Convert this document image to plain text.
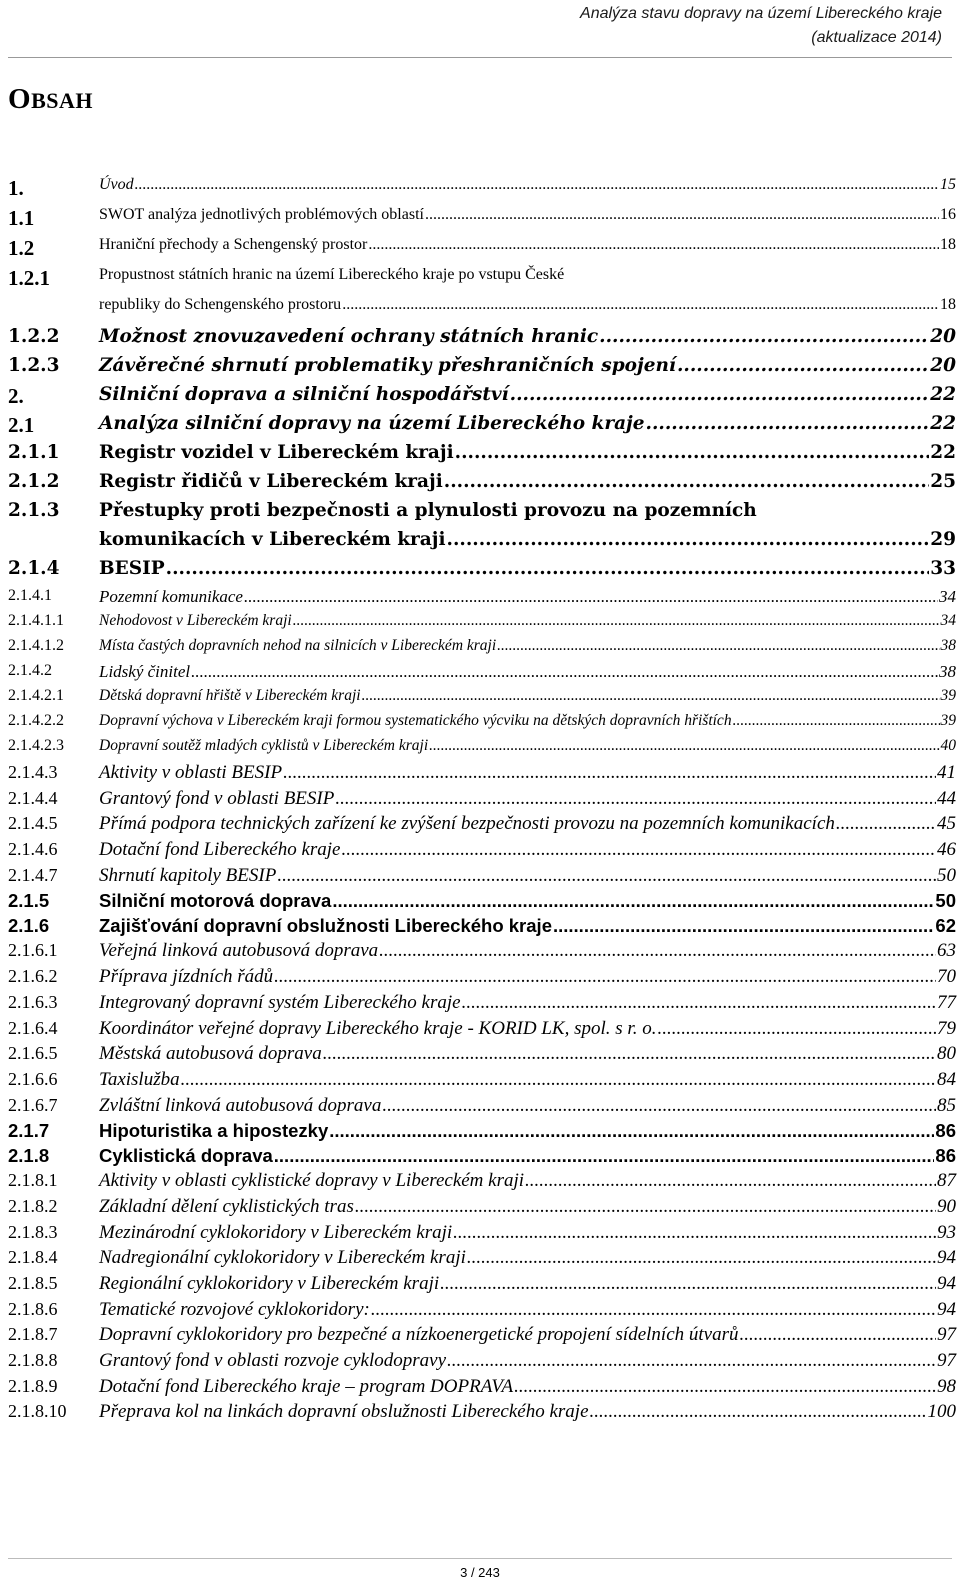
Analýza stavu dopravy na území Libereckého kraje
(aktualizace 2014)
OBSAH
1.	Úvod .....	15
1.1	SWOT analýza jednotlivých problémových oblastí .....	16
1.2	Hraniční přechody a Schengenský prostor .....	18
1.2.1	Propustnost státních hranic na území Libereckého kraje po vstupu České
republiky do Schengenského prostoru .....	18
1.2.2 Možnost znovuzavedení ochrany státních hranic .....	20
1.2.3 Závěrečné shrnutí problematiky přeshraničních spojení .....	20
2.	Silniční doprava a silniční hospodářství .....	22
2.1	Analýza silniční dopravy na území Libereckého kraje .....	22
2.1.1 Registr vozidel v Libereckém kraji .....	22
2.1.2 Registr řidičů v Libereckém kraji .....	25
2.1.3 Přestupky proti bezpečnosti a plynulosti provozu na pozemních
komunikacích v Libereckém kraji .....	29
2.1.4 BESIP .....	33
2.1.4.1	Pozemní komunikace .....	34
2.1.4.1.1 Nehodovost v Libereckém kraji .....	34
2.1.4.1.2 Místa častých dopravních nehod na silnicích v Libereckém kraji .....	38
2.1.4.2	Lidský činitel .....	38
2.1.4.2.1 Dětská dopravní hřiště v Libereckém kraji .....	39
2.1.4.2.2 Dopravní výchova v Libereckém kraji formou systematického výcviku na dětských dopravních hřištích .....	39
2.1.4.2.3 Dopravní soutěž mladých cyklistů v Libereckém kraji .....	40
2.1.4.3 Aktivity v oblasti BESIP .....	41
2.1.4.4 Grantový fond v oblasti BESIP .....	44
2.1.4.5 Přímá podpora technických zařízení ke zvýšení bezpečnosti provozu na pozemních komunikacích .....	45
2.1.4.6 Dotační fond Libereckého kraje .....	46
2.1.4.7 Shrnutí kapitoly BESIP .....	50
2.1.5	Silniční motorová doprava .....	50
2.1.6	Zajišťování dopravní obslužnosti Libereckého kraje .....	62
2.1.6.1 Veřejná linková autobusová doprava .....	63
2.1.6.2 Příprava jízdních řádů .....	70
2.1.6.3 Integrovaný dopravní systém Libereckého kraje .....	77
2.1.6.4 Koordinátor veřejné dopravy Libereckého kraje - KORID LK, spol. s r. o. .....	79
2.1.6.5 Městská autobusová doprava .....	80
2.1.6.6 Taxislužba .....	84
2.1.6.7 Zvláštní linková autobusová doprava .....	85
2.1.7	Hipoturistika a hipostezky .....	86
2.1.8	Cyklistická doprava .....	86
2.1.8.1 Aktivity v oblasti cyklistické dopravy v Libereckém kraji .....	87
2.1.8.2 Základní dělení cyklistických tras .....	90
2.1.8.3 Mezinárodní cyklokoridory v Libereckém kraji .....	93
2.1.8.4 Nadregionální cyklokoridory v Libereckém kraji .....	94
2.1.8.5 Regionální cyklokoridory v Libereckém kraji .....	94
2.1.8.6 Tematické rozvojové cyklokoridory: .....	94
2.1.8.7 Dopravní cyklokoridory pro bezpečné a nízkoenergetické propojení sídelních útvarů .....	97
2.1.8.8 Grantový fond v oblasti rozvoje cyklodopravy .....	97
2.1.8.9 Dotační fond Libereckého kraje – program DOPRAVA .....	98
2.1.8.10 Přeprava kol na linkách dopravní obslužnosti Libereckého kraje .....	100
3 / 243
